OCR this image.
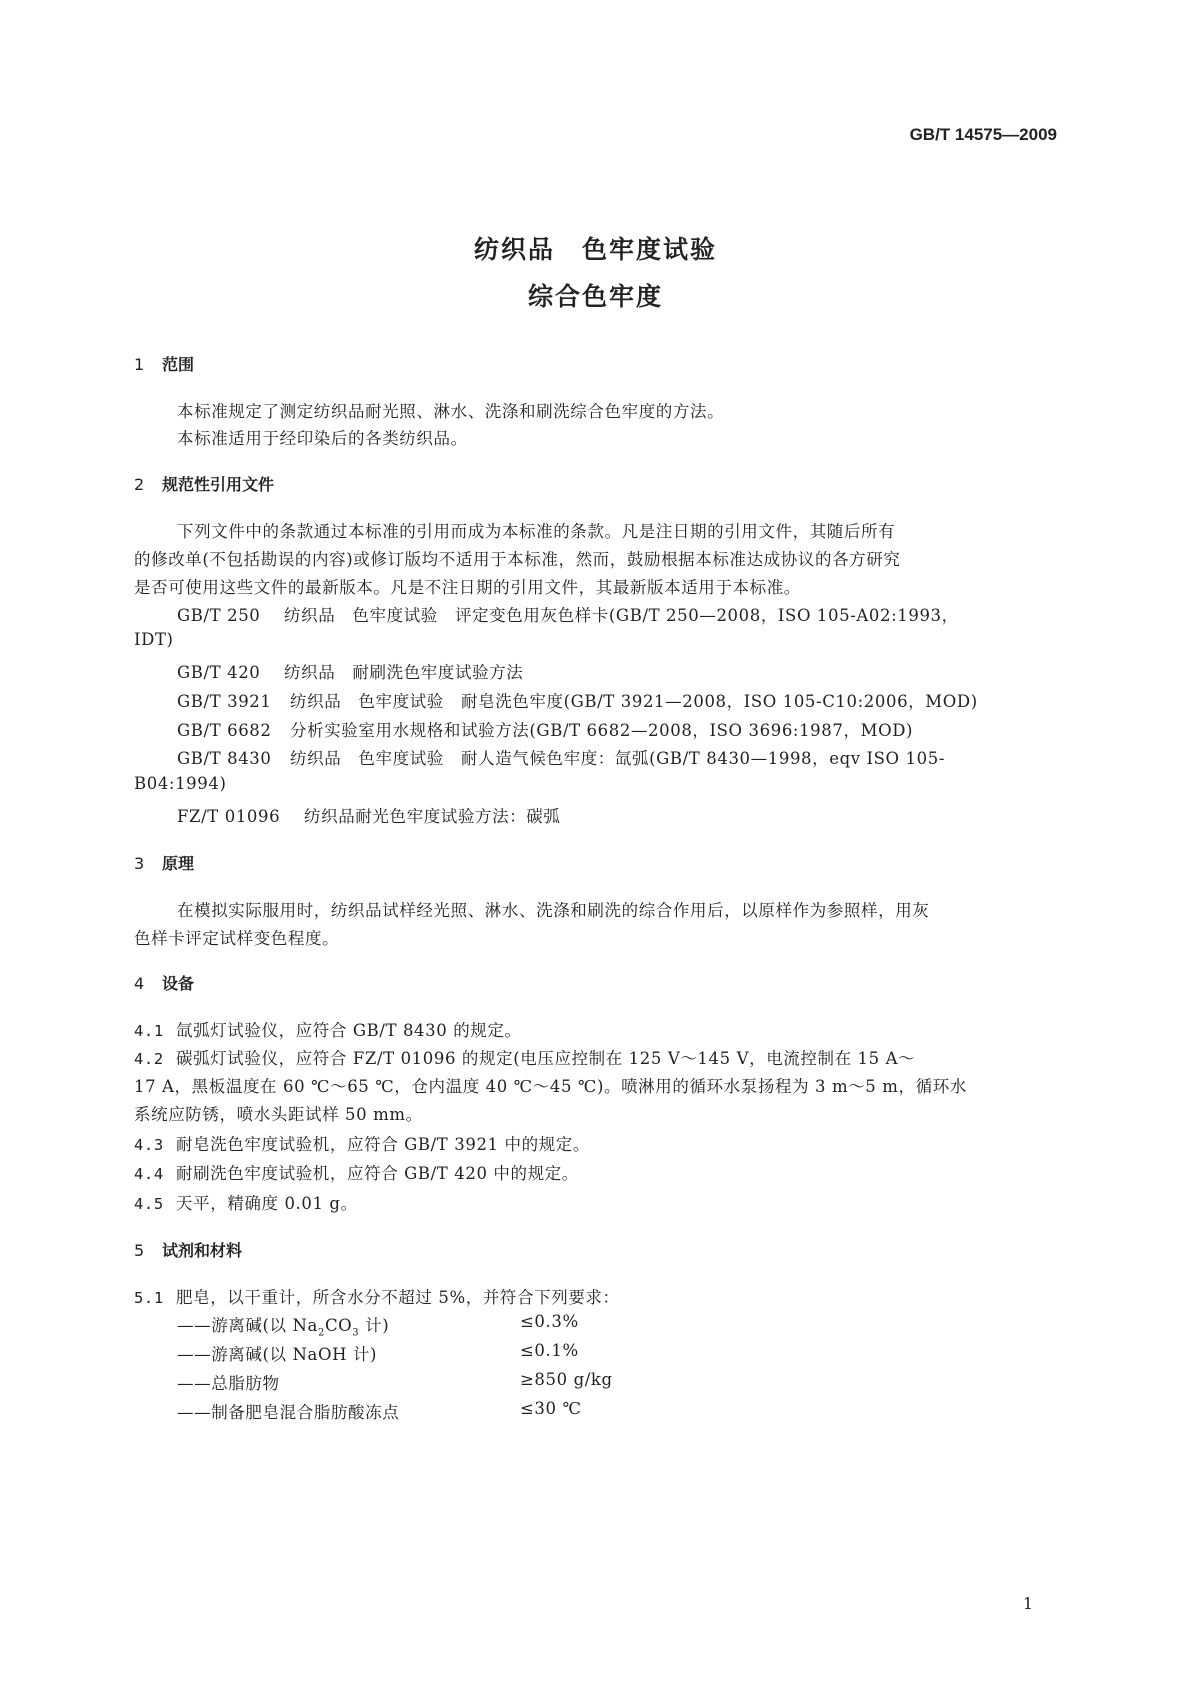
GB/T 14575—2009
纺织品　色牢度试验
综合色牢度
1 范围
本标准规定了测定纺织品耐光照、淋水、洗涤和刷洗综合色牢度的方法。
本标准适用于经印染后的各类纺织品。
2 规范性引用文件
下列文件中的条款通过本标准的引用而成为本标准的条款。凡是注日期的引用文件，其随后所有
的修改单(不包括勘误的内容)或修订版均不适用于本标准，然而，鼓励根据本标准达成协议的各方研究
是否可使用这些文件的最新版本。凡是不注日期的引用文件，其最新版本适用于本标准。
GB/T 250 纺织品　色牢度试验　评定变色用灰色样卡(GB/T 250—2008，ISO 105-A02:1993，
IDT)
GB/T 420 纺织品　耐刷洗色牢度试验方法
GB/T 3921 纺织品　色牢度试验　耐皂洗色牢度(GB/T 3921—2008，ISO 105-C10:2006，MOD)
GB/T 6682 分析实验室用水规格和试验方法(GB/T 6682—2008，ISO 3696:1987，MOD)
GB/T 8430 纺织品　色牢度试验　耐人造气候色牢度：氙弧(GB/T 8430—1998，eqv ISO 105-
B04:1994)
FZ/T 01096 纺织品耐光色牢度试验方法：碳弧
3 原理
在模拟实际服用时，纺织品试样经光照、淋水、洗涤和刷洗的综合作用后，以原样作为参照样，用灰
色样卡评定试样变色程度。
4 设备
4.1 氙弧灯试验仪，应符合 GB/T 8430 的规定。
4.2 碳弧灯试验仪，应符合 FZ/T 01096 的规定(电压应控制在 125 V～145 V，电流控制在 15 A～
17 A，黑板温度在 60 ℃～65 ℃，仓内温度 40 ℃～45 ℃)。喷淋用的循环水泵扬程为 3 m～5 m，循环水
系统应防锈，喷水头距试样 50 mm。
4.3 耐皂洗色牢度试验机，应符合 GB/T 3921 中的规定。
4.4 耐刷洗色牢度试验机，应符合 GB/T 420 中的规定。
4.5 天平，精确度 0.01 g。
5 试剂和材料
5.1 肥皂，以干重计，所含水分不超过 5%，并符合下列要求：
——游离碱(以 $Na_2CO_3$ 计)	≤0.3%
——游离碱(以 NaOH 计)	≤0.1%
——总脂肪物	≥850 g/kg
——制备肥皂混合脂肪酸冻点	≤30 ℃
1
